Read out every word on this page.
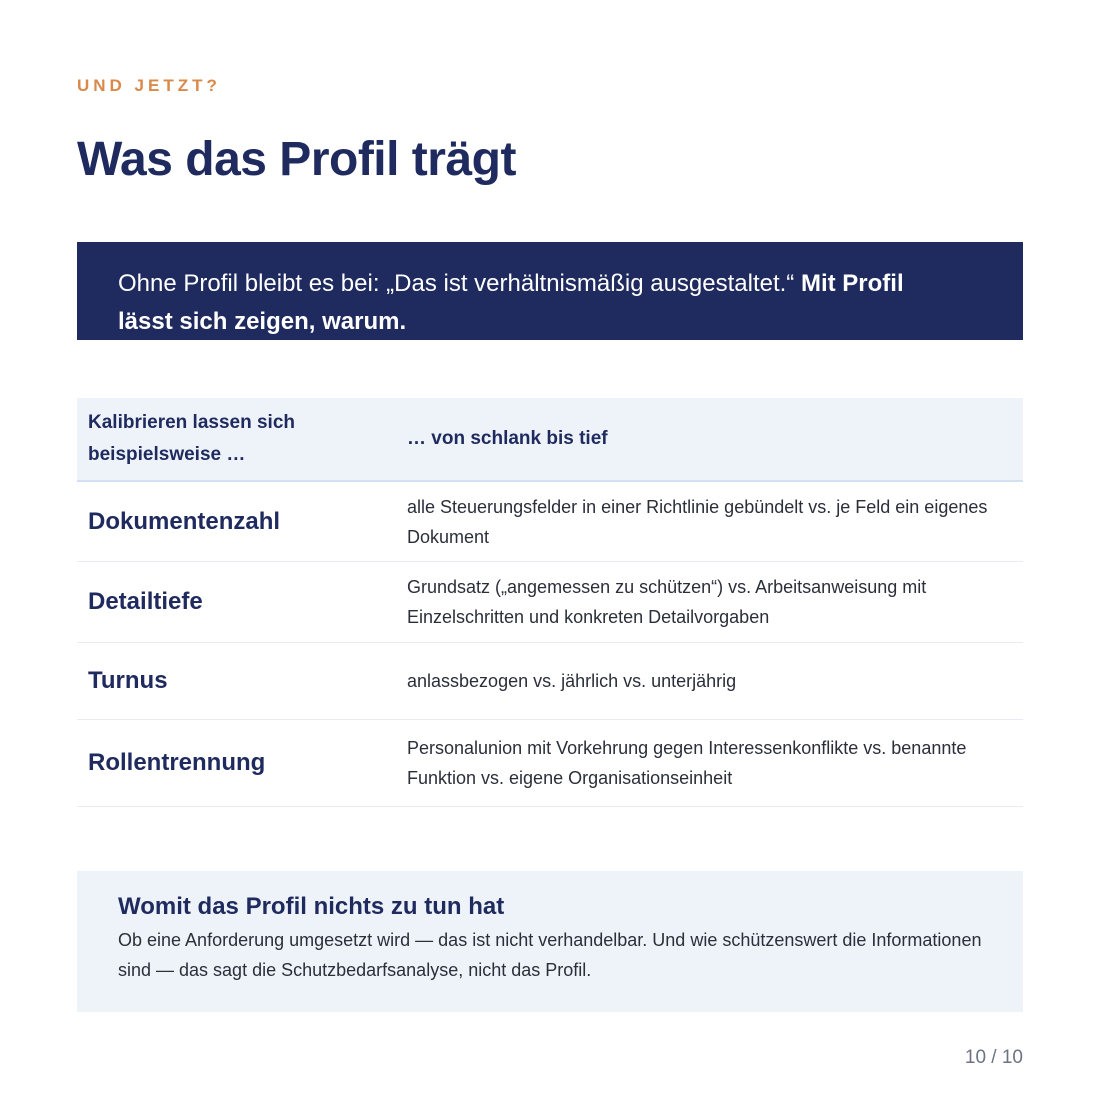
UND JETZT?
Was das Profil trägt
Ohne Profil bleibt es bei: „Das ist verhältnismäßig ausgestaltet.“ Mit Profil
lässt sich zeigen, warum.
Kalibrieren lassen sich beispielsweise …
… von schlank bis tief
Dokumentenzahl
alle Steuerungsfelder in einer Richtlinie gebündelt vs. je Feld ein eigenes Dokument
Detailtiefe
Grundsatz („angemessen zu schützen“) vs. Arbeitsanweisung mit Einzelschritten und konkreten Detailvorgaben
Turnus	anlassbezogen vs. jährlich vs. unterjährig
Rollentrennung
Personalunion mit Vorkehrung gegen Interessenkonflikte vs. benannte Funktion vs. eigene Organisationseinheit
Womit das Profil nichts zu tun hat
Ob eine Anforderung umgesetzt wird — das ist nicht verhandelbar. Und wie schützenswert die Informationen sind — das sagt die Schutzbedarfsanalyse, nicht das Profil.
10 / 10
